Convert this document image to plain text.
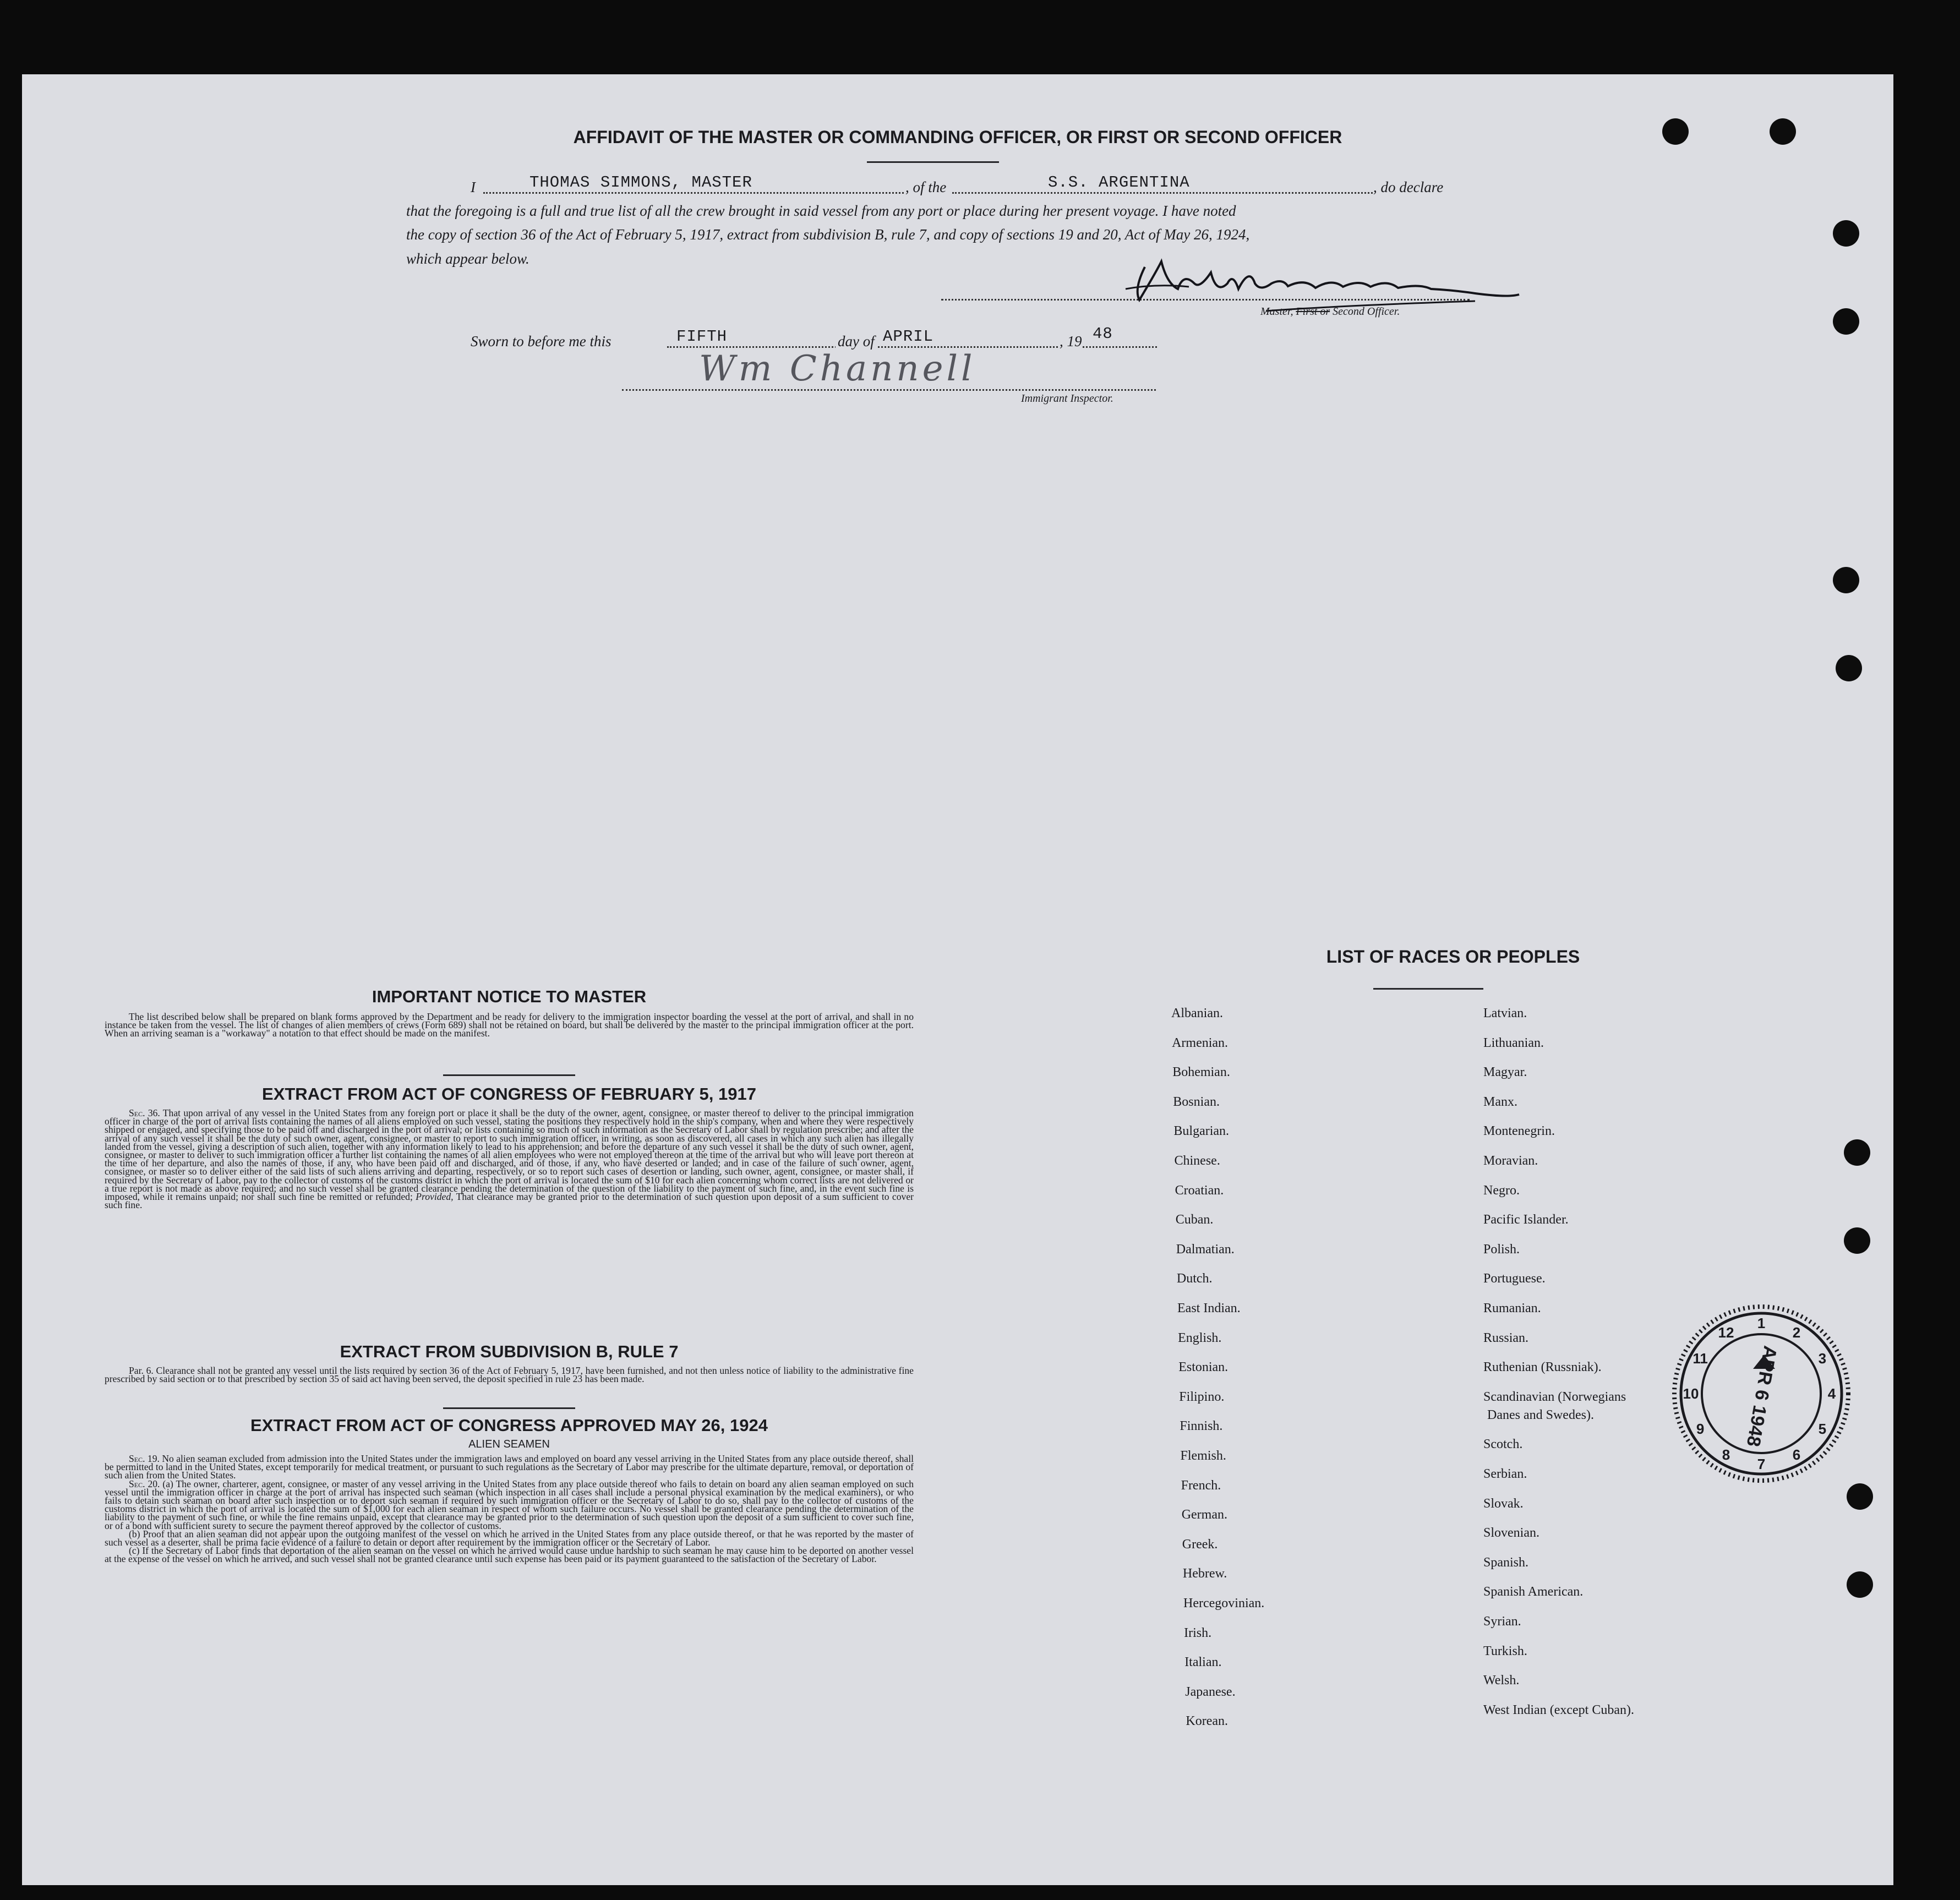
AFFIDAVIT OF THE MASTER OR COMMANDING OFFICER, OR FIRST OR SECOND OFFICER
I	THOMAS SIMMONS, MASTER	, of the	S.S. ARGENTINA	, do declare
that the foregoing is a full and true list of all the crew brought in said vessel from any port or place during her present voyage. I have noted
the copy of section 36 of the Act of February 5, 1917, extract from subdivision B, rule 7, and copy of sections 19 and 20, Act of May 26, 1924,
which appear below.
Master, First or Second Officer.
Sworn to before me this	FIFTH	day of APRIL	, 19 48
Wm Channell
Immigrant Inspector.
IMPORTANT NOTICE TO MASTER
The list described below shall be prepared on blank forms approved by the Department and be ready for delivery to the immigration inspector boarding the vessel at the port of arrival, and shall in no instance be taken from the vessel. The list of changes of alien members of crews (Form 689) shall not be retained on board, but shall be delivered by the master to the principal immigration officer at the port. When an arriving seaman is a "workaway" a notation to that effect should be made on the manifest.
EXTRACT FROM ACT OF CONGRESS OF FEBRUARY 5, 1917
Sec. 36. That upon arrival of any vessel in the United States from any foreign port or place it shall be the duty of the owner, agent, consignee, or master thereof to deliver to the principal immigration officer in charge of the port of arrival lists containing the names of all aliens employed on such vessel, stating the positions they respectively hold in the ship's company, when and where they were respectively shipped or engaged, and specifying those to be paid off and discharged in the port of arrival; or lists containing so much of such information as the Secretary of Labor shall by regulation prescribe; and after the arrival of any such vessel it shall be the duty of such owner, agent, consignee, or master to report to such immigration officer, in writing, as soon as discovered, all cases in which any such alien has illegally landed from the vessel, giving a description of such alien, together with any information likely to lead to his apprehension; and before the departure of any such vessel it shall be the duty of such owner, agent, consignee, or master to deliver to such immigration officer a further list containing the names of all alien employees who were not employed thereon at the time of the arrival but who will leave port thereon at the time of her departure, and also the names of those, if any, who have been paid off and discharged, and of those, if any, who have deserted or landed; and in case of the failure of such owner, agent, consignee, or master so to deliver either of the said lists of such aliens arriving and departing, respectively, or so to report such cases of desertion or landing, such owner, agent, consignee, or master shall, if required by the Secretary of Labor, pay to the collector of customs of the customs district in which the port of arrival is located the sum of $10 for each alien concerning whom correct lists are not delivered or a true report is not made as above required; and no such vessel shall be granted clearance pending the determination of the question of the liability to the payment of such fine, and, in the event such fine is imposed, while it remains unpaid; nor shall such fine be remitted or refunded; Provided, That clearance may be granted prior to the determination of such question upon deposit of a sum sufficient to cover such fine.
EXTRACT FROM SUBDIVISION B, RULE 7
Par. 6. Clearance shall not be granted any vessel until the lists required by section 36 of the Act of February 5, 1917, have been furnished, and not then unless notice of liability to the administrative fine prescribed by said section or to that prescribed by section 35 of said act having been served, the deposit specified in rule 23 has been made.
EXTRACT FROM ACT OF CONGRESS APPROVED MAY 26, 1924
ALIEN SEAMEN
Sec. 19. No alien seaman excluded from admission into the United States under the immigration laws and employed on board any vessel arriving in the United States from any place outside thereof, shall be permitted to land in the United States, except temporarily for medical treatment, or pursuant to such regulations as the Secretary of Labor may prescribe for the ultimate departure, removal, or deportation of such alien from the United States.
Sec. 20. (a) The owner, charterer, agent, consignee, or master of any vessel arriving in the United States from any place outside thereof who fails to detain on board any alien seaman employed on such vessel until the immigration officer in charge at the port of arrival has inspected such seaman (which inspection in all cases shall include a personal physical examination by the medical examiners), or who fails to detain such seaman on board after such inspection or to deport such seaman if required by such immigration officer or the Secretary of Labor to do so, shall pay to the collector of customs of the customs district in which the port of arrival is located the sum of $1,000 for each alien seaman in respect of whom such failure occurs. No vessel shall be granted clearance pending the determination of the liability to the payment of such fine, or while the fine remains unpaid, except that clearance may be granted prior to the determination of such question upon the deposit of a sum sufficient to cover such fine, or of a bond with sufficient surety to secure the payment thereof approved by the collector of customs.
(b) Proof that an alien seaman did not appear upon the outgoing manifest of the vessel on which he arrived in the United States from any place outside thereof, or that he was reported by the master of such vessel as a deserter, shall be prima facie evidence of a failure to detain or deport after requirement by the immigration officer or the Secretary of Labor.
(c) If the Secretary of Labor finds that deportation of the alien seaman on the vessel on which he arrived would cause undue hardship to such seaman he may cause him to be deported on another vessel at the expense of the vessel on which he arrived, and such vessel shall not be granted clearance until such expense has been paid or its payment guaranteed to the satisfaction of the Secretary of Labor.
LIST OF RACES OR PEOPLES
Albanian.
Armenian.
Bohemian.
Bosnian.
Bulgarian.
Chinese.
Croatian.
Cuban.
Dalmatian.
Dutch.
East Indian.
English.
Estonian.
Filipino.
Finnish.
Flemish.
French.
German.
Greek.
Hebrew.
Hercegovinian.
Irish.
Italian.
Japanese.
Korean.
Latvian.
Lithuanian.
Magyar.
Manx.
Montenegrin.
Moravian.
Negro.
Pacific Islander.
Polish.
Portuguese.
Rumanian.
Russian.
Ruthenian (Russniak).
Scandinavian (Norwegians
Danes and Swedes).
Scotch.
Serbian.
Slovak.
Slovenian.
Spanish.
Spanish American.
Syrian.
Turkish.
Welsh.
West Indian (except Cuban).
1
2
3
4
5
6
7
8
9
10
11
12
APR 6 1948
